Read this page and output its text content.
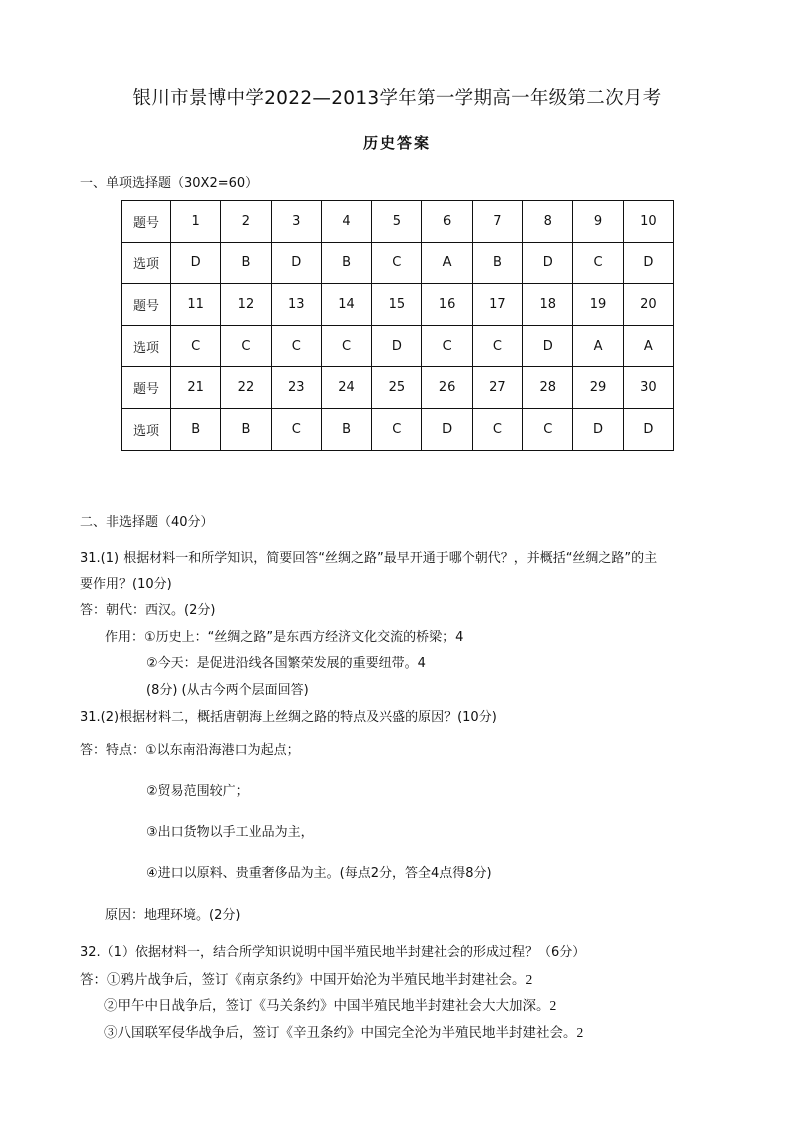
银川市景博中学2022—2013学年第一学期高一年级第二次月考
历史答案
一、单项选择题（30X2=60）
题号	1	2	3	4	5	6	7	8	9	10
选项	D	B	D	B	C	A	B	D	C	D
题号	11	12	13	14	15	16	17	18	19	20
选项	C	C	C	C	D	C	C	D	A	A
题号	21	22	23	24	25	26	27	28	29	30
选项	B	B	C	B	C	D	C	C	D	D
二、非选择题（40分）
31.(1) 根据材料一和所学知识，简要回答“丝绸之路”最早开通于哪个朝代？，并概括“丝绸之路”的主
要作用？(10分)
答：朝代：西汉。(2分)
作用：①历史上：“丝绸之路”是东西方经济文化交流的桥梁；4
②今天：是促进沿线各国繁荣发展的重要纽带。4
(8分) (从古今两个层面回答)
31.(2)根据材料二，概括唐朝海上丝绸之路的特点及兴盛的原因？(10分)
答：特点：①以东南沿海港口为起点；
②贸易范围较广；
③出口货物以手工业品为主，
④进口以原料、贵重奢侈品为主。(每点2分，答全4点得8分)
原因：地理环境。(2分)
32.（1）依据材料一，结合所学知识说明中国半殖民地半封建社会的形成过程？（6分）
答：①鸦片战争后，签订《南京条约》中国开始沦为半殖民地半封建社会。2
②甲午中日战争后，签订《马关条约》中国半殖民地半封建社会大大加深。2
③八国联军侵华战争后，签订《辛丑条约》中国完全沦为半殖民地半封建社会。2
